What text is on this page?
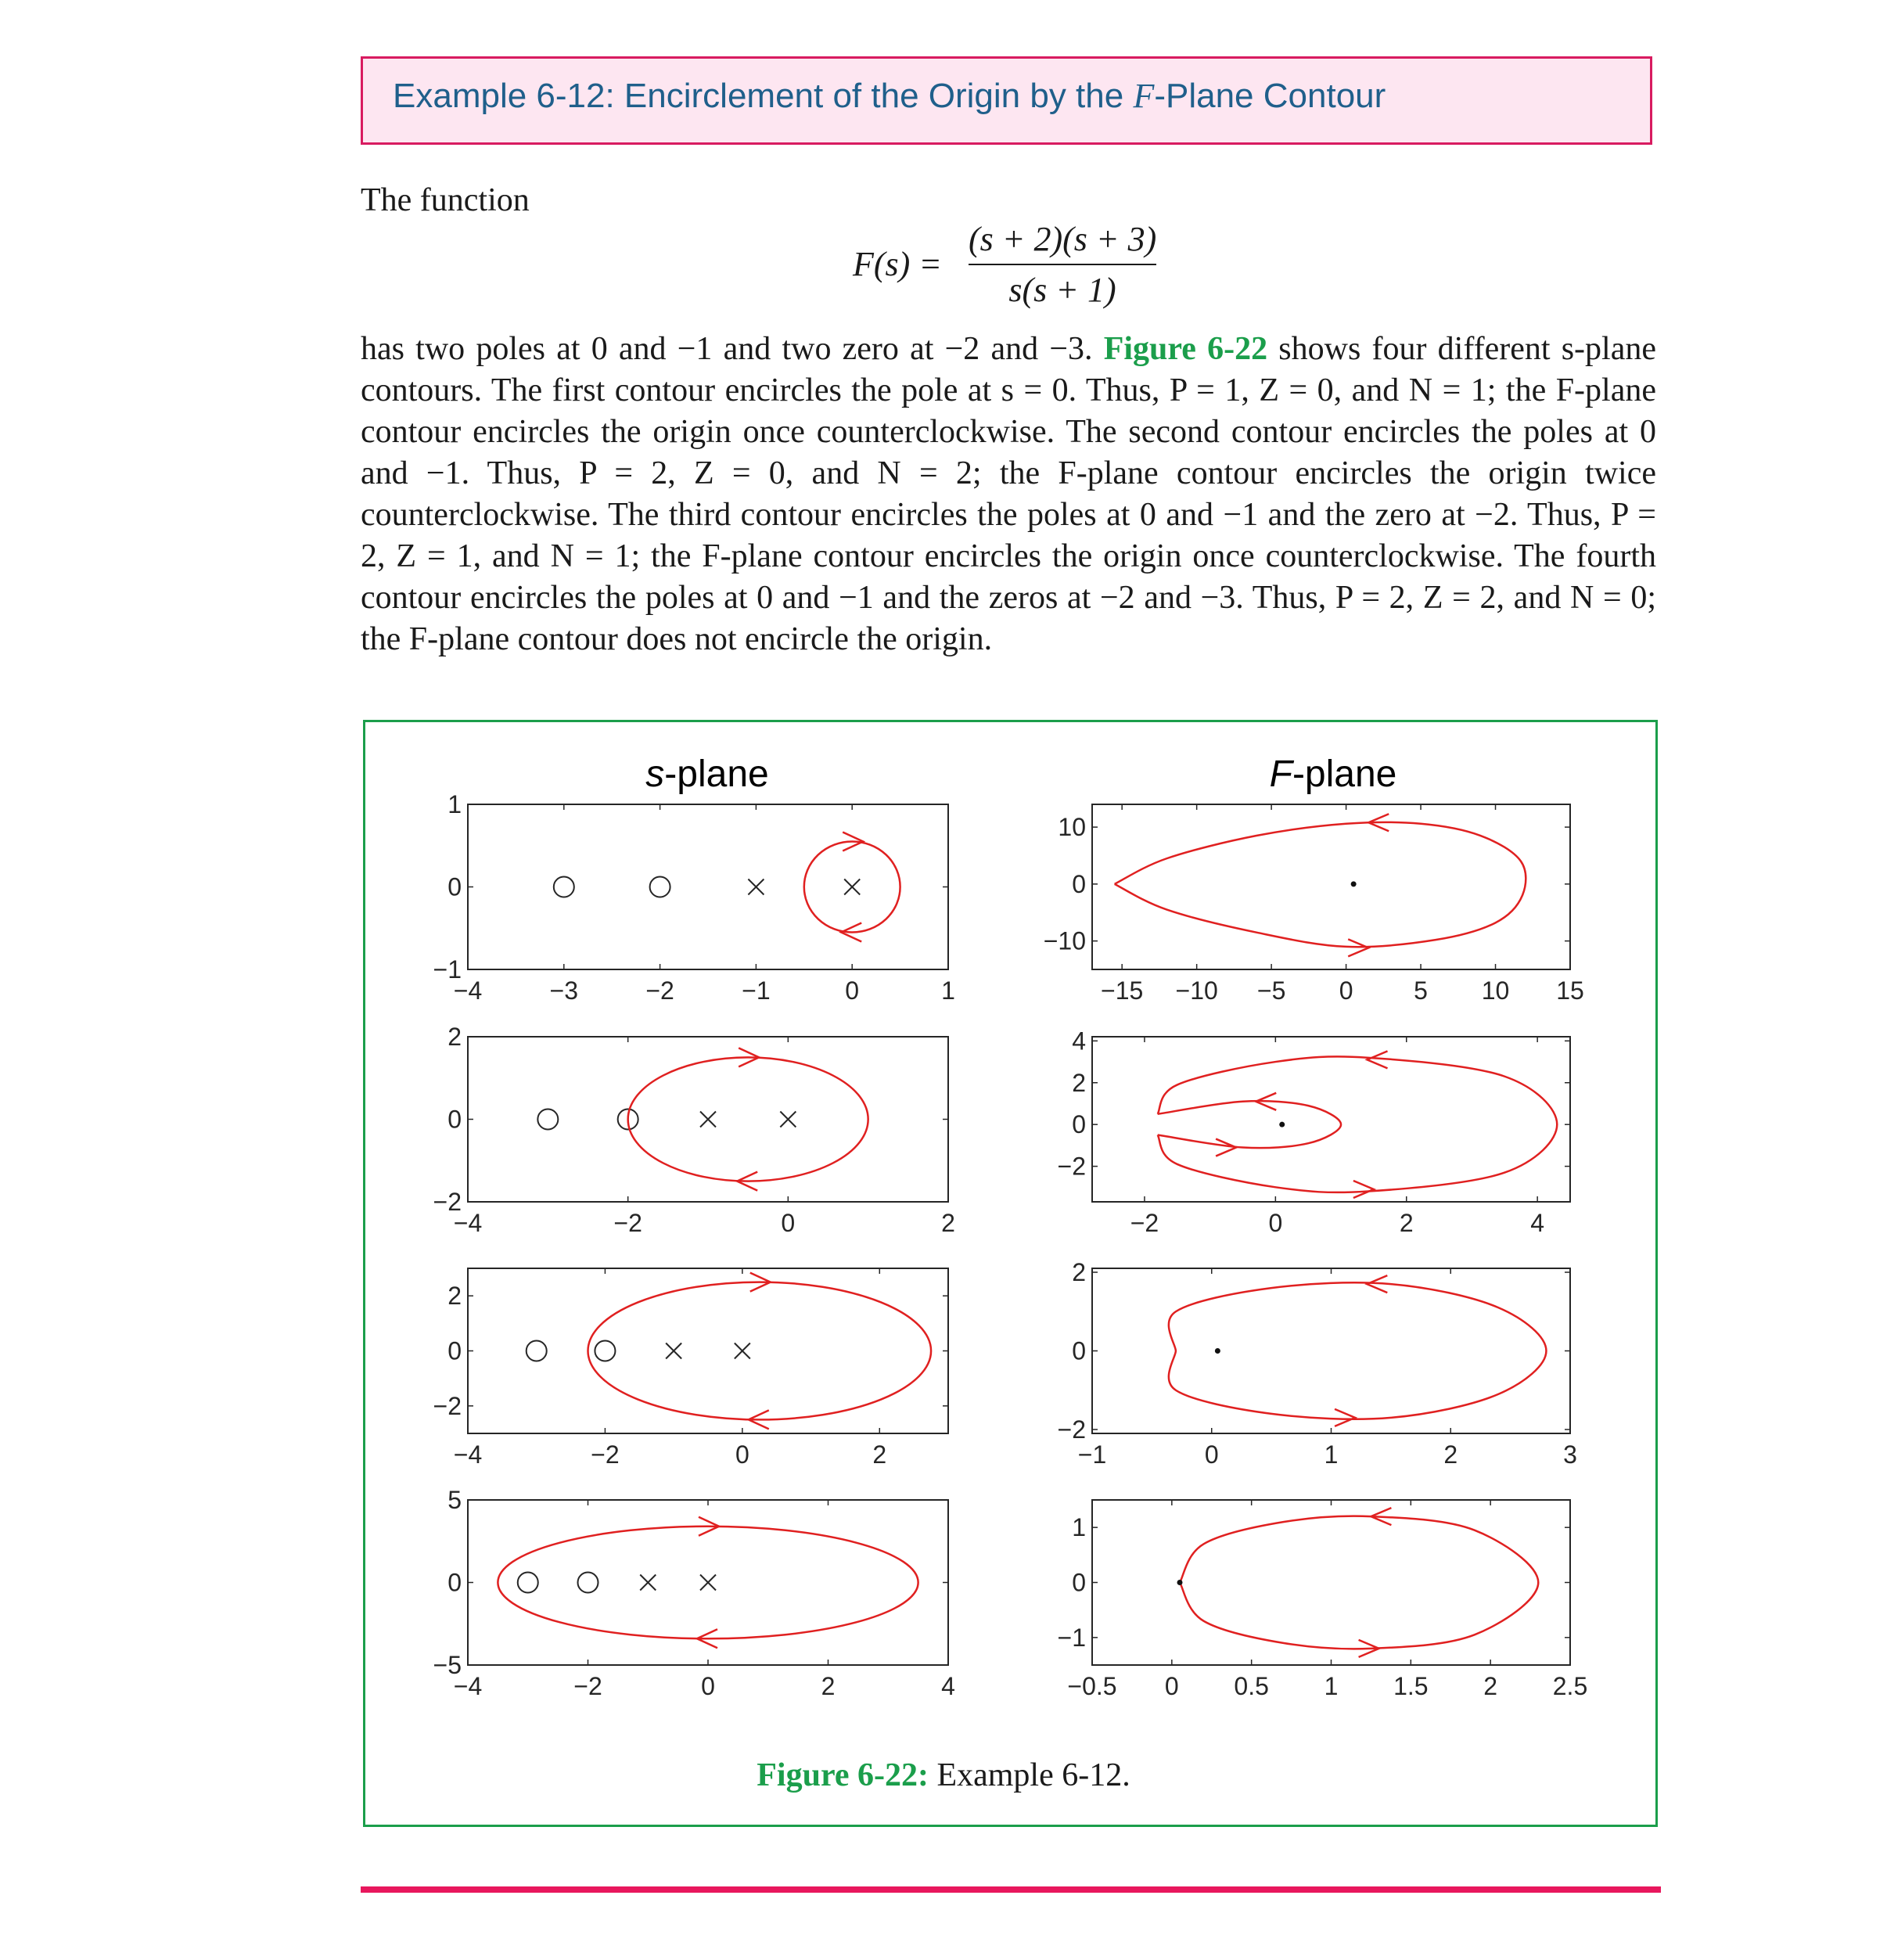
Example 6-12: Encirclement of the Origin by the F-Plane Contour
The function
F(s) =
(s + 2)(s + 3)
s(s + 1)

has two poles at 0 and −1 and two zero at −2 and −3. Figure 6-22 shows four different s-plane contours. The first contour encircles the pole at s = 0. Thus, P = 1, Z = 0, and N = 1; the F-plane contour encircles the origin once counterclockwise. The second contour encircles the poles at 0 and −1. Thus, P = 2, Z = 0, and N = 2; the F-plane contour encircles the origin twice counterclockwise. The third contour encircles the poles at 0 and −1 and the zero at −2. Thus, P = 2, Z = 1, and N = 1; the F-plane contour encircles the origin once counterclockwise. The fourth contour encircles the poles at 0 and −1 and the zeros at −2 and −3. Thus, P = 2, Z = 2, and N = 0; the F-plane contour does not encircle the origin.

s-plane	F-plane
−4	−3	−2	−1	0	1
−1
0
1
−4	−2	0	2
−2
0
2
−4	−2	0	2
−2
0
2
−4	−2	0	2	4
−5
0
5
−15 −10 −5 0 5 10 15
−10
0
10
−2	0	2	4
−2
0
2
4
−1	0	1	2	3
−2
0
2
−0.5 0 0.5 1 1.5 2 2.5
−1
0
1
Figure 6-22: Example 6-12.
